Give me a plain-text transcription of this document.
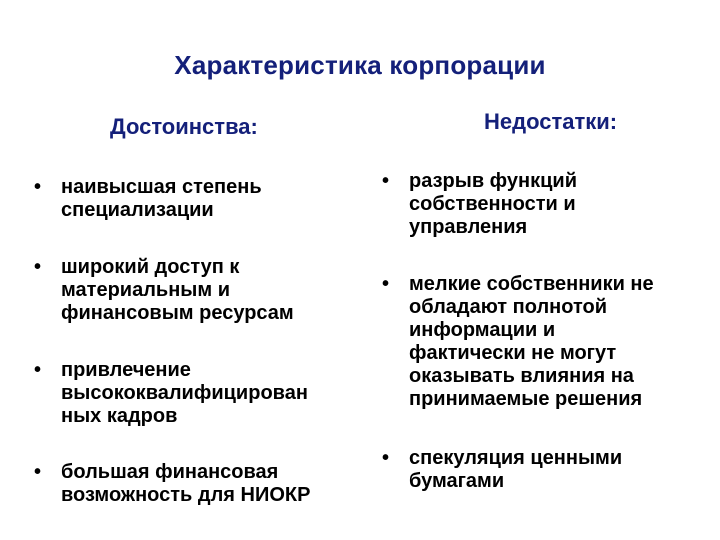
Характеристика корпорации
Достоинства:	Недостатки:
• наивысшая степень
специализации
• широкий доступ к
материальным и
финансовым ресурсам
• привлечение
высококвалифицирован
ных кадров
• большая финансовая
возможность для НИОКР
• разрыв функций
собственности и
управления
• мелкие собственники не
обладают полнотой
информации и
фактически не могут
оказывать влияния на
принимаемые решения
• спекуляция ценными
бумагами
